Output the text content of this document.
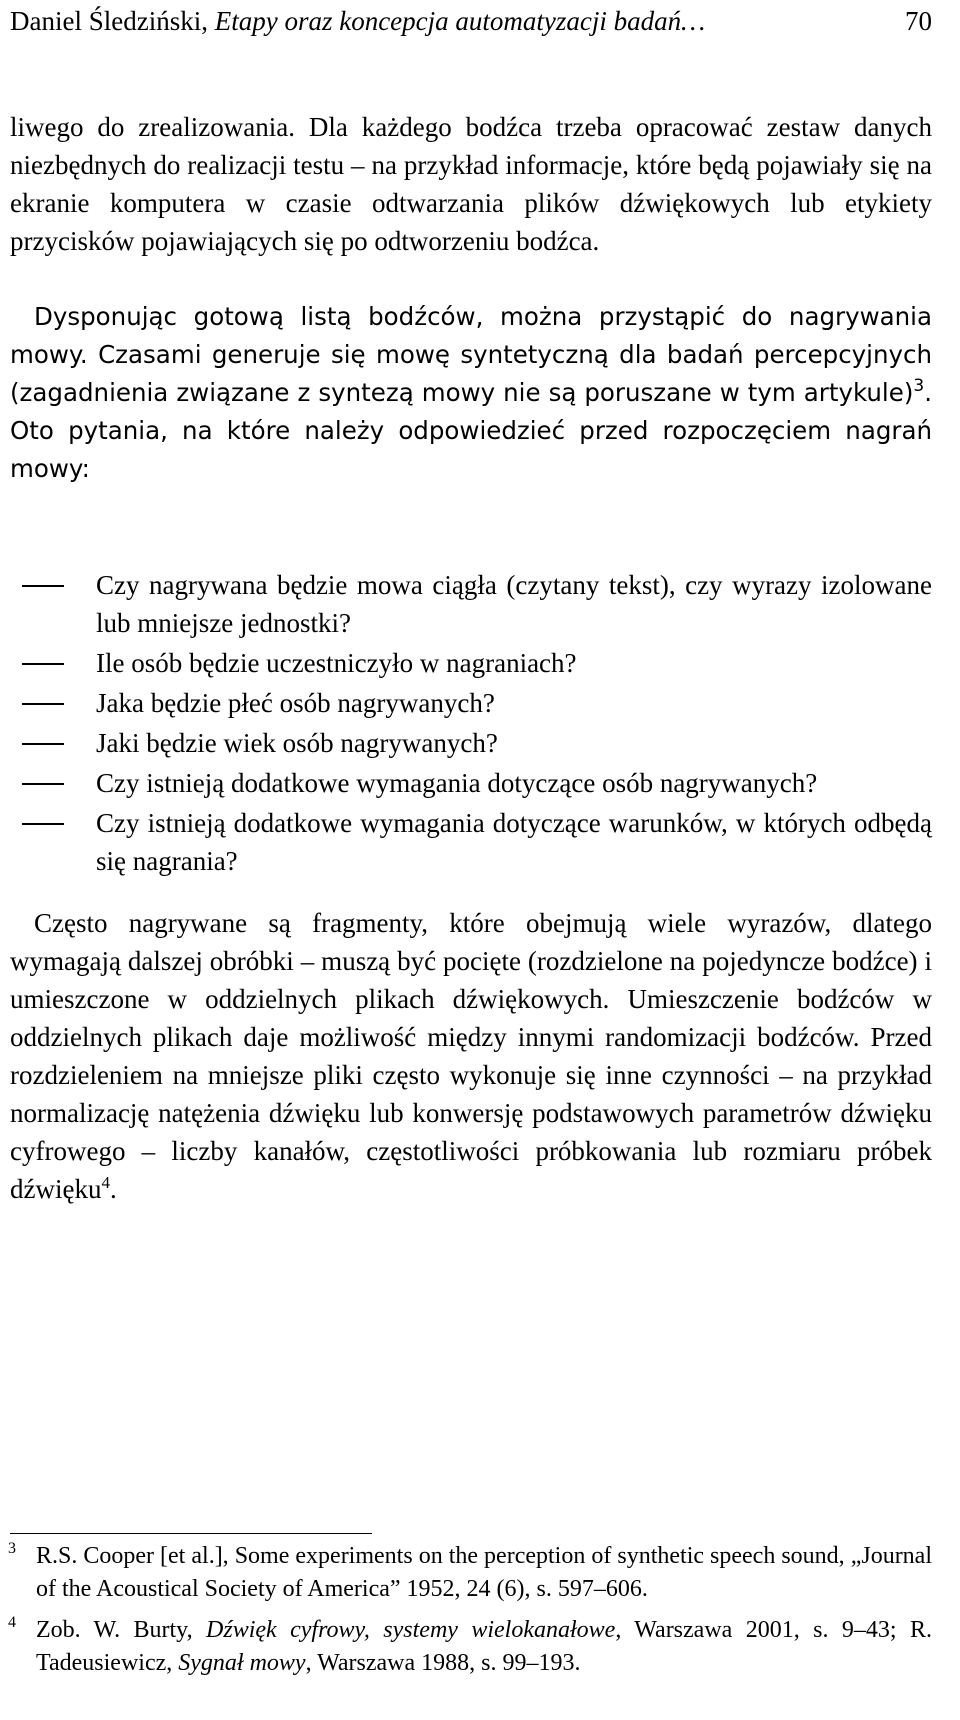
Daniel Śledziński, Etapy oraz koncepcja automatyzacji badań…	70

liwego do zrealizowania. Dla każdego bodźca trzeba opracować zestaw danych niezbędnych do realizacji testu – na przykład informacje, które będą pojawiały się na ekranie komputera w czasie odtwarzania plików dźwiękowych lub etykiety przycisków pojawiających się po odtworzeniu bodźca.

Dysponując gotową listą bodźców, można przystąpić do nagrywania mowy. Czasami generuje się mowę syntetyczną dla badań percepcyjnych (zagadnienia związane z syntezą mowy nie są poruszane w tym artykule)$^3$. Oto pytania, na które należy odpowiedzieć przed rozpoczęciem nagrań mowy:

Czy nagrywana będzie mowa ciągła (czytany tekst), czy wyrazy izolowane lub mniejsze jednostki?
Ile osób będzie uczestniczyło w nagraniach?
Jaka będzie płeć osób nagrywanych?
Jaki będzie wiek osób nagrywanych?
Czy istnieją dodatkowe wymagania dotyczące osób nagrywanych?
Czy istnieją dodatkowe wymagania dotyczące warunków, w których odbędą się nagrania?

Często nagrywane są fragmenty, które obejmują wiele wyrazów, dlatego wymagają dalszej obróbki – muszą być pocięte (rozdzielone na pojedyncze bodźce) i umieszczone w oddzielnych plikach dźwiękowych. Umieszczenie bodźców w oddzielnych plikach daje możliwość między innymi randomizacji bodźców. Przed rozdzieleniem na mniejsze pliki często wykonuje się inne czynności – na przykład normalizację natężenia dźwięku lub konwersję podstawowych parametrów dźwięku cyfrowego – liczby kanałów, częstotliwości próbkowania lub rozmiaru próbek dźwięku$^4$.

3 R.S. Cooper [et al.], Some experiments on the perception of synthetic speech sound, „Journal of the Acoustical Society of America” 1952, 24 (6), s. 597–606.
4 Zob. W. Burty, Dźwięk cyfrowy, systemy wielokanałowe, Warszawa 2001, s. 9–43; R. Tadeusiewicz, Sygnał mowy, Warszawa 1988, s. 99–193.
